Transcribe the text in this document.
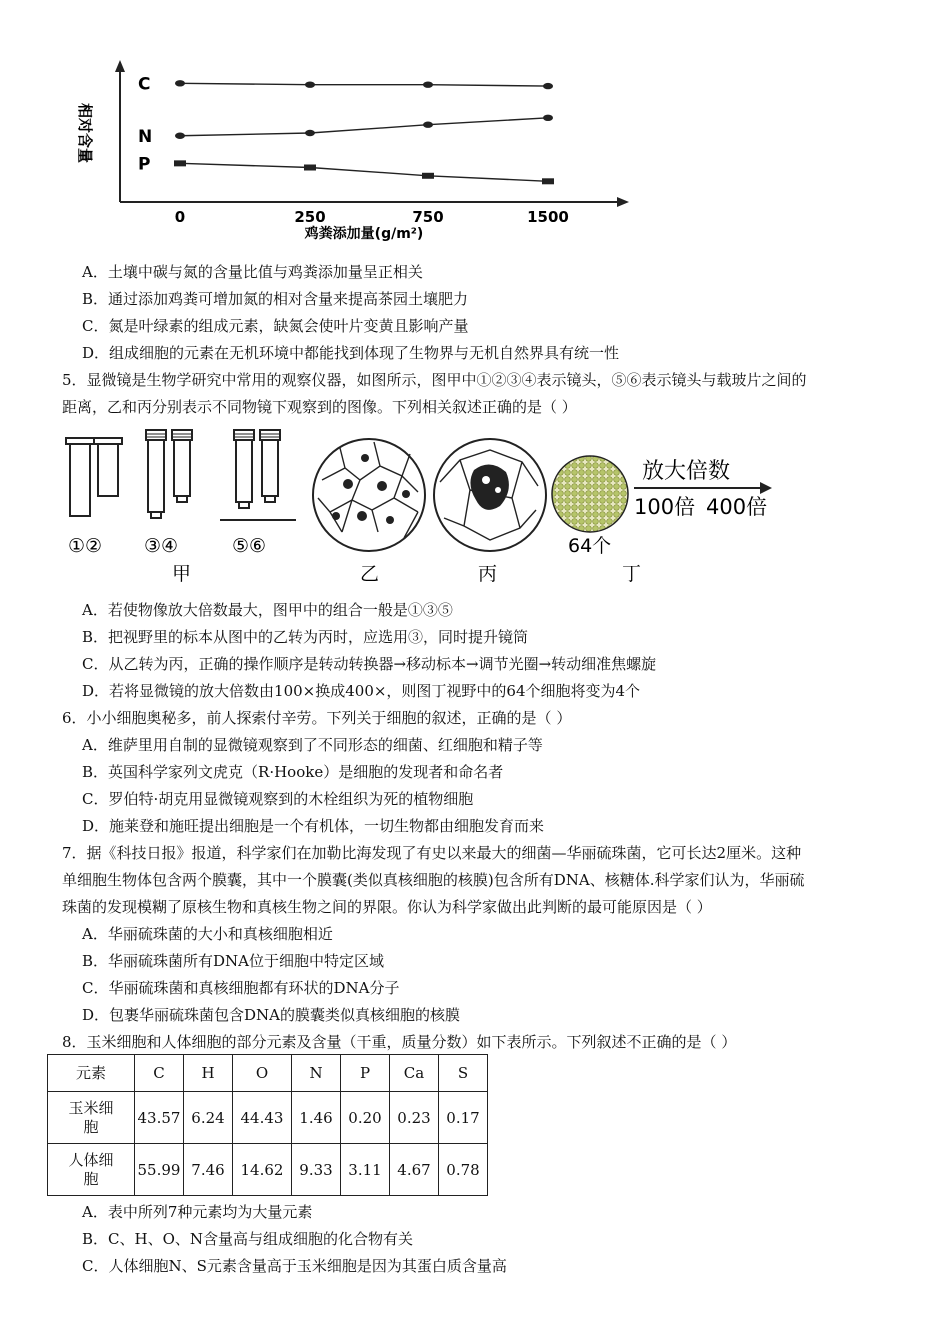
相对含量
0	250	750	1500
鸡粪添加量(g/m²)
C
N
P
A．土壤中碳与氮的含量比值与鸡粪添加量呈正相关
B．通过添加鸡粪可增加氮的相对含量来提高茶园土壤肥力
C．氮是叶绿素的组成元素，缺氮会使叶片变黄且影响产量
D．组成细胞的元素在无机环境中都能找到体现了生物界与无机自然界具有统一性
5．显微镜是生物学研究中常用的观察仪器，如图所示，图甲中①②③④表示镜头，⑤⑥表示镜头与载玻片之间的
距离，乙和丙分别表示不同物镜下观察到的图像。下列相关叙述正确的是（ ）
①② ③④	⑤⑥
甲	乙	丙
64个
丁
放大倍数
100倍 400倍
A．若使物像放大倍数最大，图甲中的组合一般是①③⑤
B．把视野里的标本从图中的乙转为丙时，应选用③，同时提升镜筒
C．从乙转为丙，正确的操作顺序是转动转换器→移动标本→调节光圈→转动细准焦螺旋
D．若将显微镜的放大倍数由100×换成400×，则图丁视野中的64个细胞将变为4个
6．小小细胞奥秘多，前人探索付辛劳。下列关于细胞的叙述，正确的是（ ）
A．维萨里用自制的显微镜观察到了不同形态的细菌、红细胞和精子等
B．英国科学家列文虎克（R·Hooke）是细胞的发现者和命名者
C．罗伯特·胡克用显微镜观察到的木栓组织为死的植物细胞
D．施莱登和施旺提出细胞是一个有机体，一切生物都由细胞发育而来
7．据《科技日报》报道，科学家们在加勒比海发现了有史以来最大的细菌—华丽硫珠菌，它可长达2厘米。这种
单细胞生物体包含两个膜囊，其中一个膜囊(类似真核细胞的核膜)包含所有DNA、核糖体.科学家们认为，华丽硫
珠菌的发现模糊了原核生物和真核生物之间的界限。你认为科学家做出此判断的最可能原因是（ ）
A．华丽硫珠菌的大小和真核细胞相近
B．华丽硫珠菌所有DNA位于细胞中特定区域
C．华丽硫珠菌和真核细胞都有环状的DNA分子
D．包裹华丽硫珠菌包含DNA的膜囊类似真核细胞的核膜
8．玉米细胞和人体细胞的部分元素及含量（干重，质量分数）如下表所示。下列叙述不正确的是（ ）
元素	C	H	O	N	P	Ca	S
玉米细
胞	43.57	6.24	44.43	1.46	0.20	0.23	0.17
人体细
胞	55.99	7.46	14.62	9.33	3.11	4.67	0.78
A．表中所列7种元素均为大量元素
B．C、H、O、N含量高与组成细胞的化合物有关
C．人体细胞N、S元素含量高于玉米细胞是因为其蛋白质含量高
